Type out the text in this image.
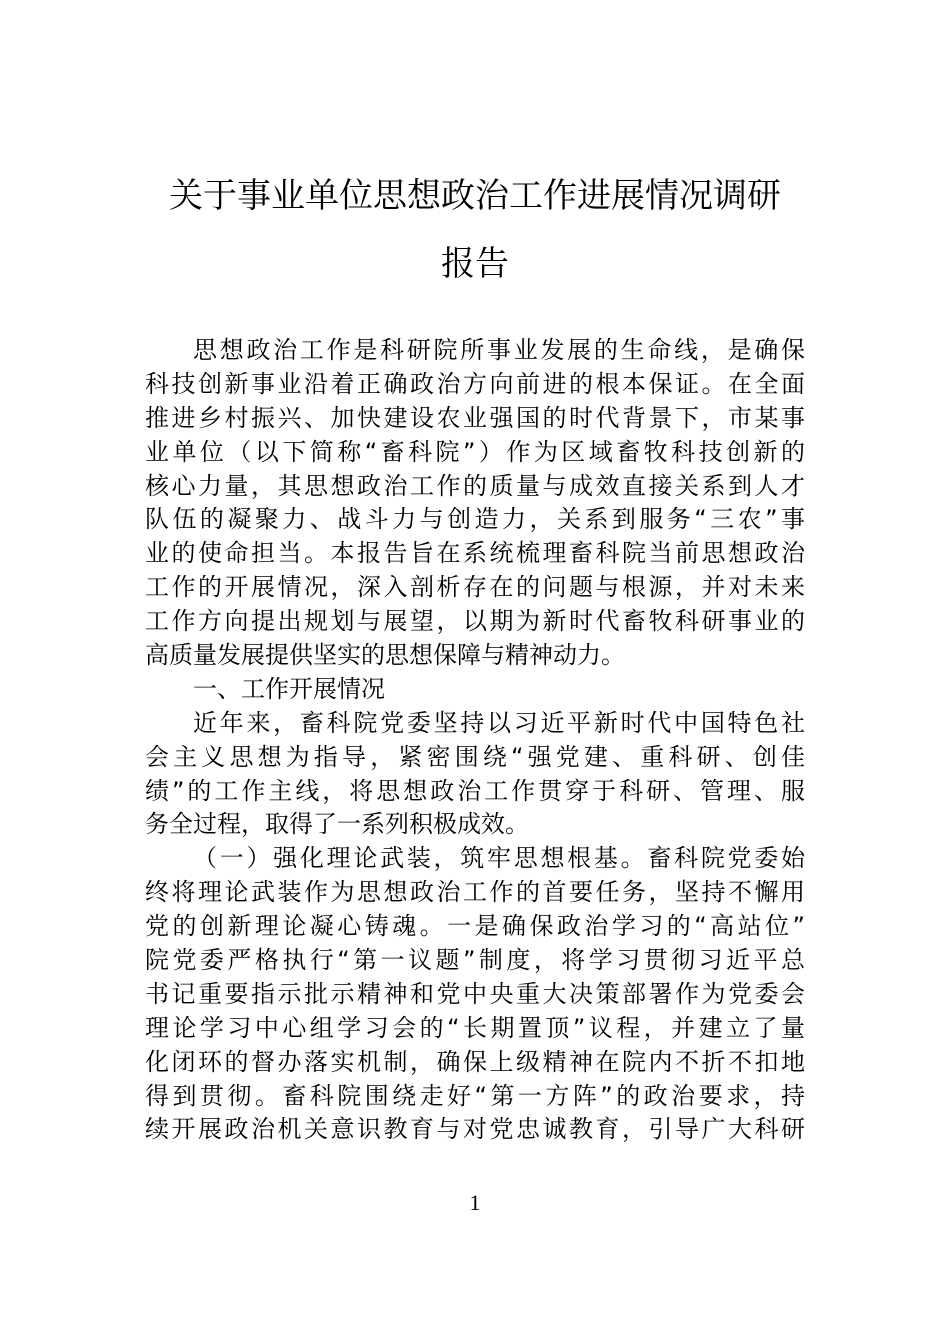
关于事业单位思想政治工作进展情况调研
报告
思想政治工作是科研院所事业发展的生命线，是确保
科技创新事业沿着正确政治方向前进的根本保证。在全面
推进乡村振兴、加快建设农业强国的时代背景下，市某事
业单位（以下简称“畜科院”）作为区域畜牧科技创新的
核心力量，其思想政治工作的质量与成效直接关系到人才
队伍的凝聚力、战斗力与创造力，关系到服务“三农”事
业的使命担当。本报告旨在系统梳理畜科院当前思想政治
工作的开展情况，深入剖析存在的问题与根源，并对未来
工作方向提出规划与展望，以期为新时代畜牧科研事业的
高质量发展提供坚实的思想保障与精神动力。
一、工作开展情况
近年来，畜科院党委坚持以习近平新时代中国特色社
会主义思想为指导，紧密围绕“强党建、重科研、创佳
绩”的工作主线，将思想政治工作贯穿于科研、管理、服
务全过程，取得了一系列积极成效。
（一）强化理论武装，筑牢思想根基。畜科院党委始
终将理论武装作为思想政治工作的首要任务，坚持不懈用
党的创新理论凝心铸魂。一是确保政治学习的“高站位”
院党委严格执行“第一议题”制度，将学习贯彻习近平总
书记重要指示批示精神和党中央重大决策部署作为党委会
理论学习中心组学习会的“长期置顶”议程，并建立了量
化闭环的督办落实机制，确保上级精神在院内不折不扣地
得到贯彻。畜科院围绕走好“第一方阵”的政治要求，持
续开展政治机关意识教育与对党忠诚教育，引导广大科研
1
